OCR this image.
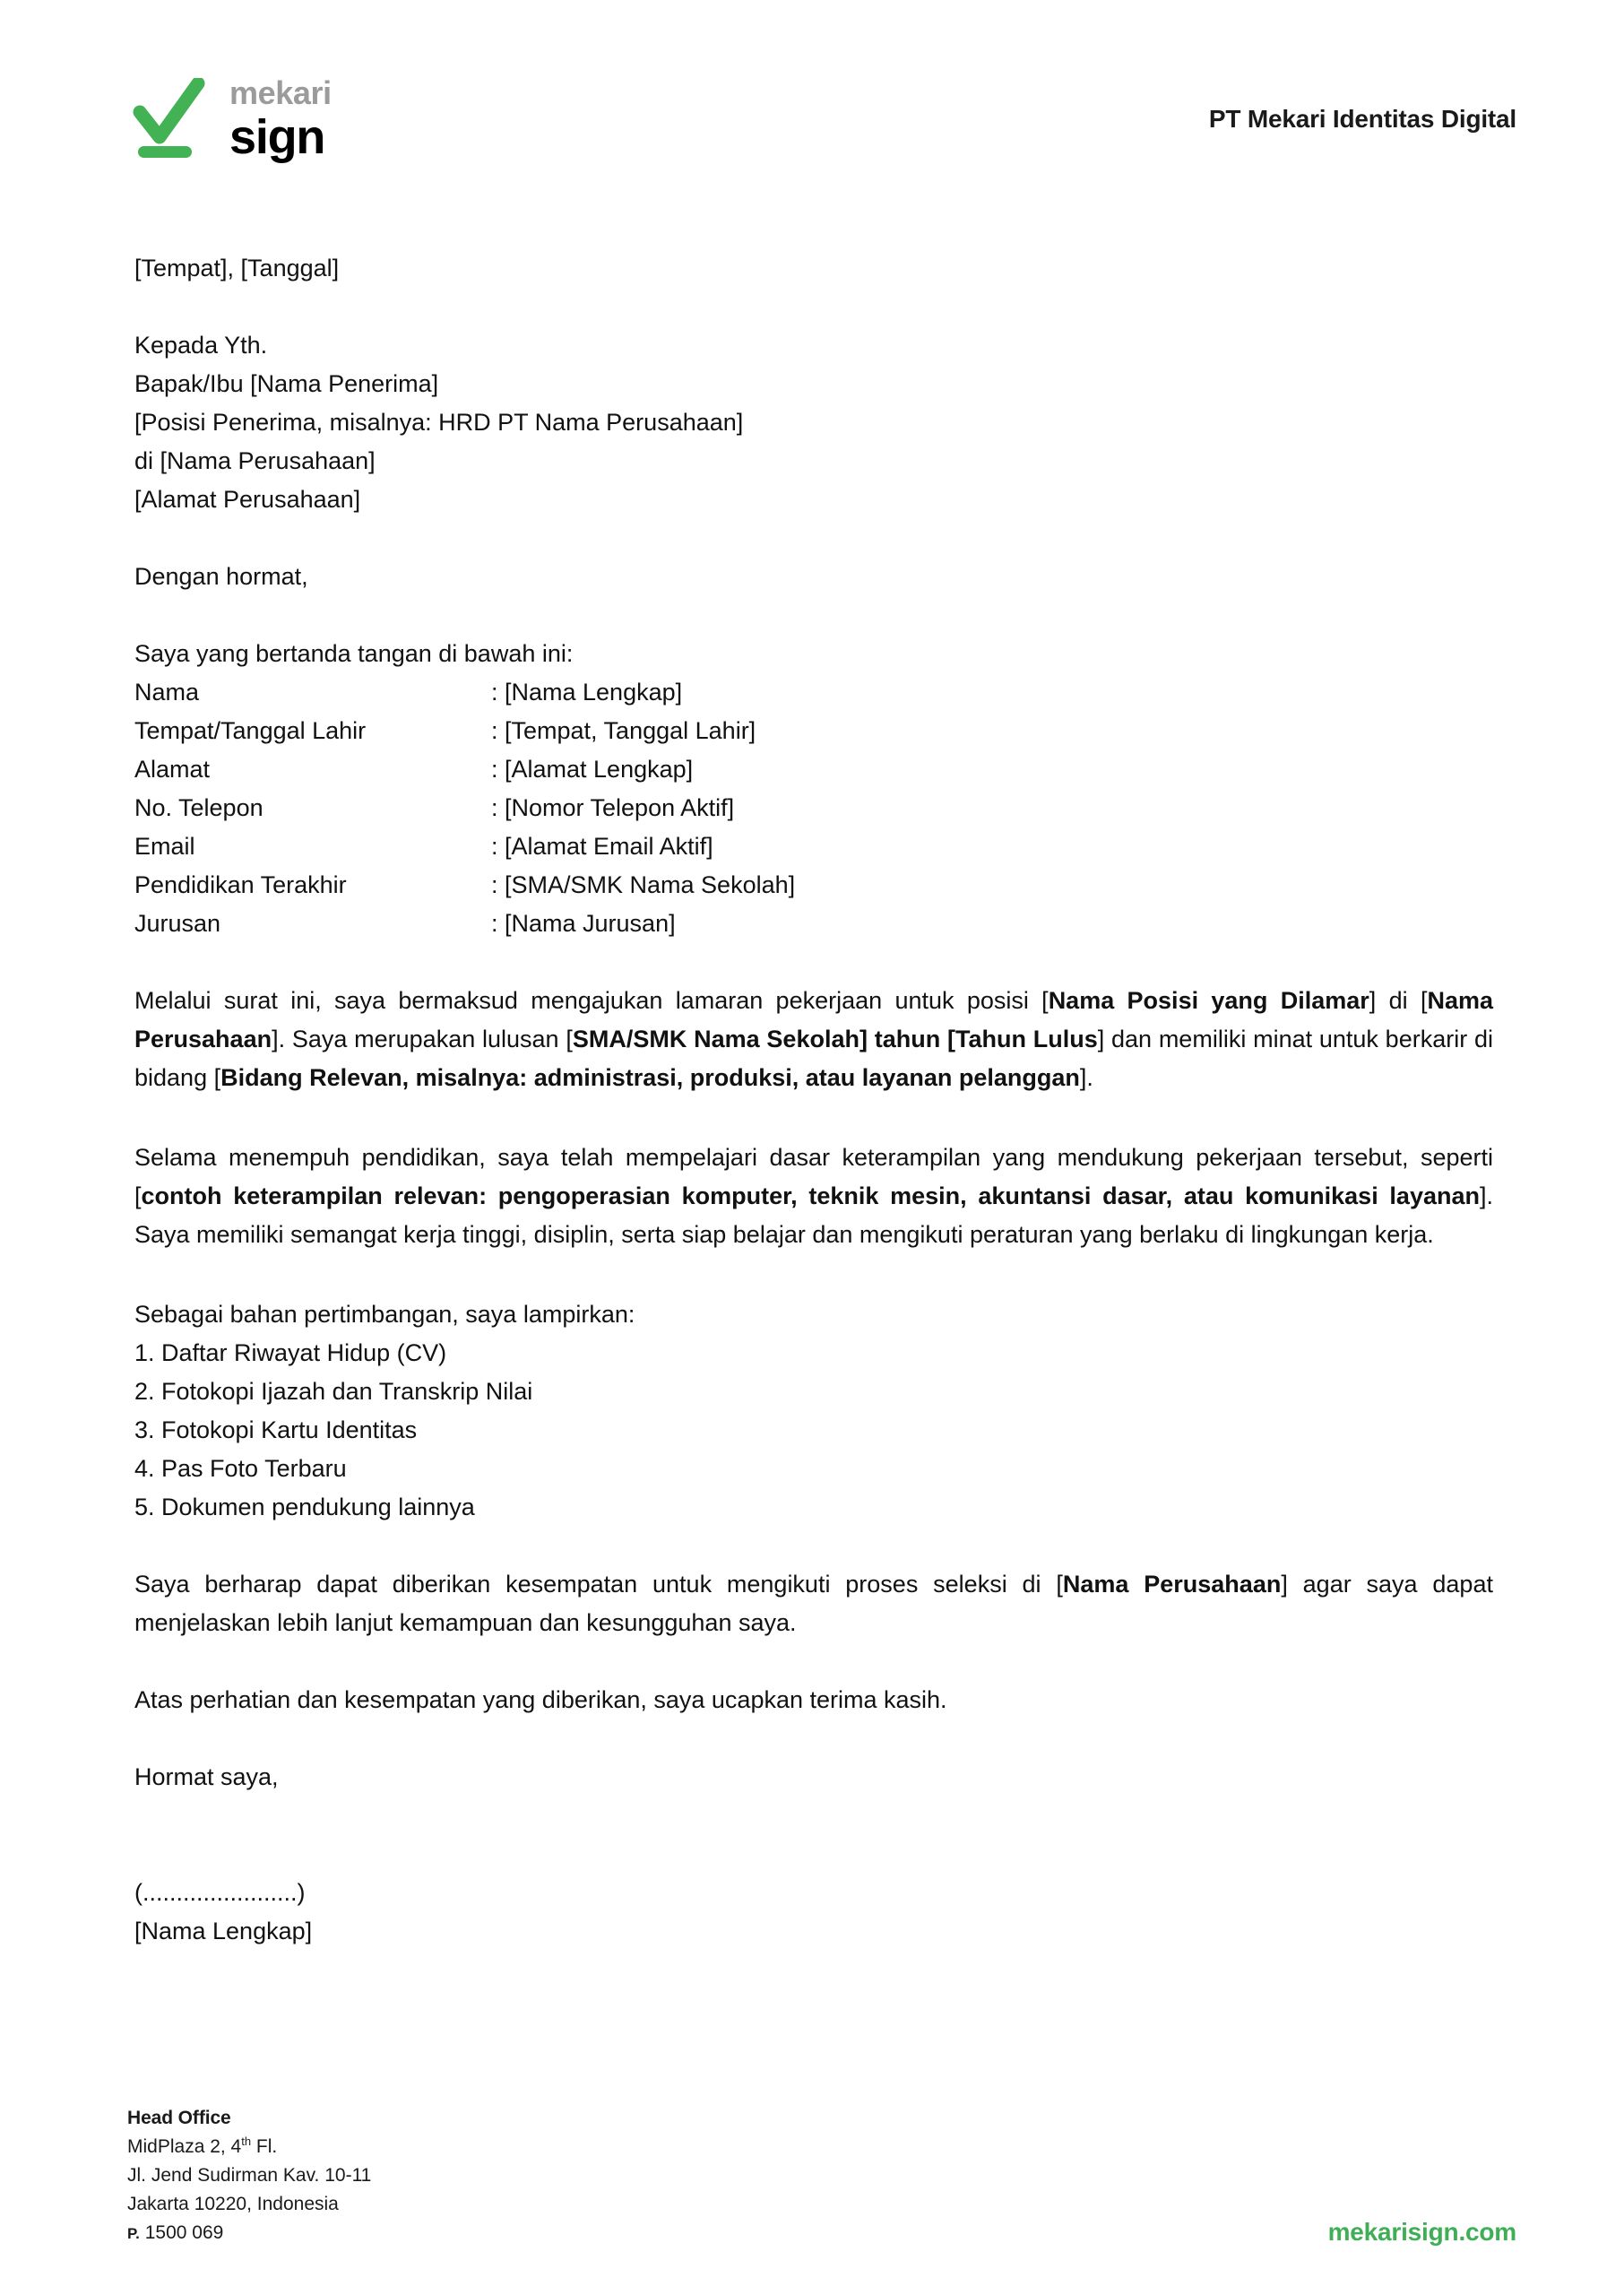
mekari
sign	PT Mekari Identitas Digital
[Tempat], [Tanggal]
Kepada Yth.
Bapak/Ibu [Nama Penerima]
[Posisi Penerima, misalnya: HRD PT Nama Perusahaan]
di [Nama Perusahaan]
[Alamat Perusahaan]
Dengan hormat,
Saya yang bertanda tangan di bawah ini:
Nama	: [Nama Lengkap]
Tempat/Tanggal Lahir	: [Tempat, Tanggal Lahir]
Alamat	: [Alamat Lengkap]
No. Telepon	: [Nomor Telepon Aktif]
Email	: [Alamat Email Aktif]
Pendidikan Terakhir	: [SMA/SMK Nama Sekolah]
Jurusan	: [Nama Jurusan]

Melalui surat ini, saya bermaksud mengajukan lamaran pekerjaan untuk posisi [Nama Posisi yang Dilamar] di [Nama Perusahaan]. Saya merupakan lulusan [SMA/SMK Nama Sekolah] tahun [Tahun Lulus] dan memiliki minat untuk berkarir di bidang [Bidang Relevan, misalnya: administrasi, produksi, atau layanan pelanggan].

Selama menempuh pendidikan, saya telah mempelajari dasar keterampilan yang mendukung pekerjaan tersebut, seperti [contoh keterampilan relevan: pengoperasian komputer, teknik mesin, akuntansi dasar, atau komunikasi layanan]. Saya memiliki semangat kerja tinggi, disiplin, serta siap belajar dan mengikuti peraturan yang berlaku di lingkungan kerja.

Sebagai bahan pertimbangan, saya lampirkan:
1. Daftar Riwayat Hidup (CV)
2. Fotokopi Ijazah dan Transkrip Nilai
3. Fotokopi Kartu Identitas
4. Pas Foto Terbaru
5. Dokumen pendukung lainnya

Saya berharap dapat diberikan kesempatan untuk mengikuti proses seleksi di [Nama Perusahaan] agar saya dapat menjelaskan lebih lanjut kemampuan dan kesungguhan saya.

Atas perhatian dan kesempatan yang diberikan, saya ucapkan terima kasih.
Hormat saya,
(.......................)
[Nama Lengkap]
Head Office
MidPlaza 2, 4th Fl.
Jl. Jend Sudirman Kav. 10-11
Jakarta 10220, Indonesia
P. 1500 069	mekarisign.com
